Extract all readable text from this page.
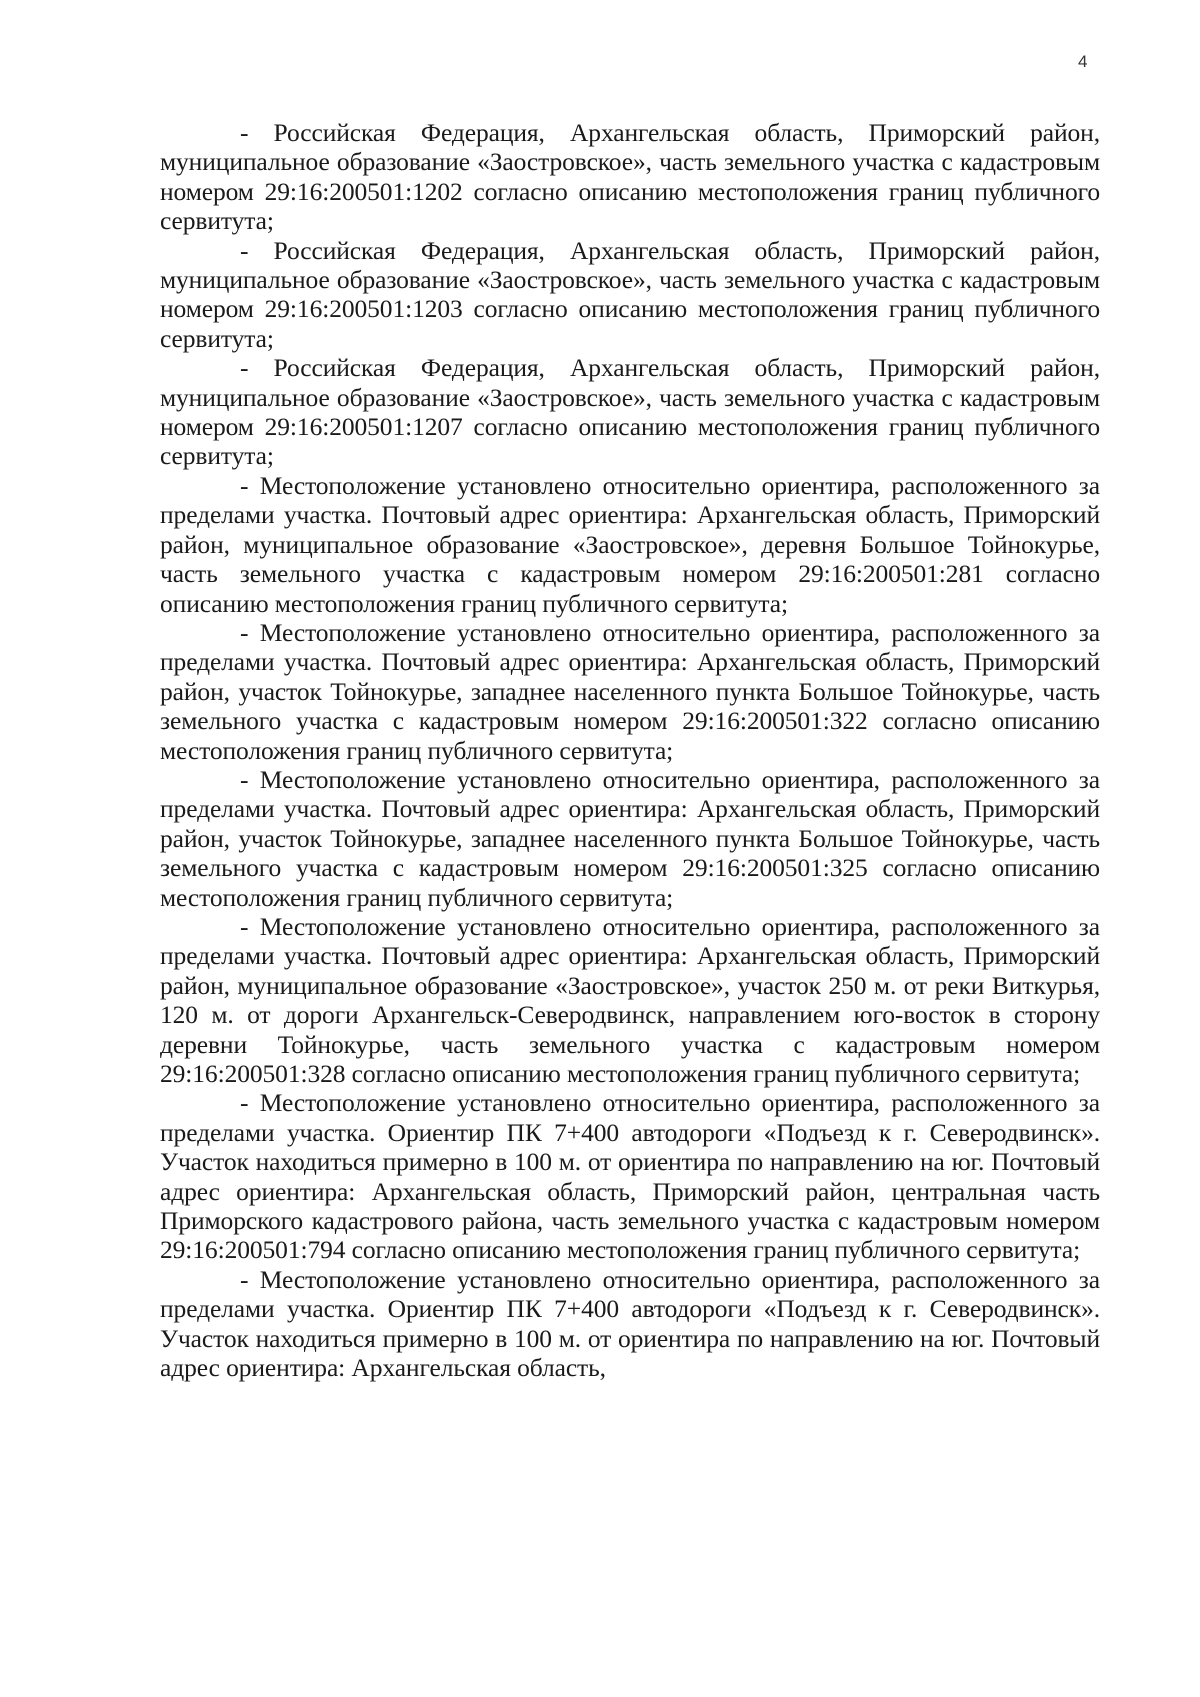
4

- Российская Федерация, Архангельская область, Приморский район, муниципальное образование «Заостровское», часть земельного участка с кадастровым номером 29:16:200501:1202 согласно описанию местоположения границ публичного сервитута;

- Российская Федерация, Архангельская область, Приморский район, муниципальное образование «Заостровское», часть земельного участка с кадастровым номером 29:16:200501:1203 согласно описанию местоположения границ публичного сервитута;

- Российская Федерация, Архангельская область, Приморский район, муниципальное образование «Заостровское», часть земельного участка с кадастровым номером 29:16:200501:1207 согласно описанию местоположения границ публичного сервитута;

- Местоположение установлено относительно ориентира, расположенного за пределами участка. Почтовый адрес ориентира: Архангельская область, Приморский район, муниципальное образование «Заостровское», деревня Большое Тойнокурье, часть земельного участка с кадастровым номером 29:16:200501:281 согласно описанию местоположения границ публичного сервитута;

- Местоположение установлено относительно ориентира, расположенного за пределами участка. Почтовый адрес ориентира: Архангельская область, Приморский район, участок Тойнокурье, западнее населенного пункта Большое Тойнокурье, часть земельного участка с кадастровым номером 29:16:200501:322 согласно описанию местоположения границ публичного сервитута;

- Местоположение установлено относительно ориентира, расположенного за пределами участка. Почтовый адрес ориентира: Архангельская область, Приморский район, участок Тойнокурье, западнее населенного пункта Большое Тойнокурье, часть земельного участка с кадастровым номером 29:16:200501:325 согласно описанию местоположения границ публичного сервитута;

- Местоположение установлено относительно ориентира, расположенного за пределами участка. Почтовый адрес ориентира: Архангельская область, Приморский район, муниципальное образование «Заостровское», участок 250 м. от реки Виткурья, 120 м. от дороги Архангельск-Северодвинск, направлением юго-восток в сторону деревни Тойнокурье, часть земельного участка с кадастровым номером 29:16:200501:328 согласно описанию местоположения границ публичного сервитута;

- Местоположение установлено относительно ориентира, расположенного за пределами участка. Ориентир ПК 7+400 автодороги «Подъезд к г. Северодвинск». Участок находиться примерно в 100 м. от ориентира по направлению на юг. Почтовый адрес ориентира: Архангельская область, Приморский район, центральная часть Приморского кадастрового района, часть земельного участка с кадастровым номером 29:16:200501:794 согласно описанию местоположения границ публичного сервитута;

- Местоположение установлено относительно ориентира, расположенного за пределами участка. Ориентир ПК 7+400 автодороги «Подъезд к г. Северодвинск». Участок находиться примерно в 100 м. от ориентира по направлению на юг. Почтовый адрес ориентира: Архангельская область,
